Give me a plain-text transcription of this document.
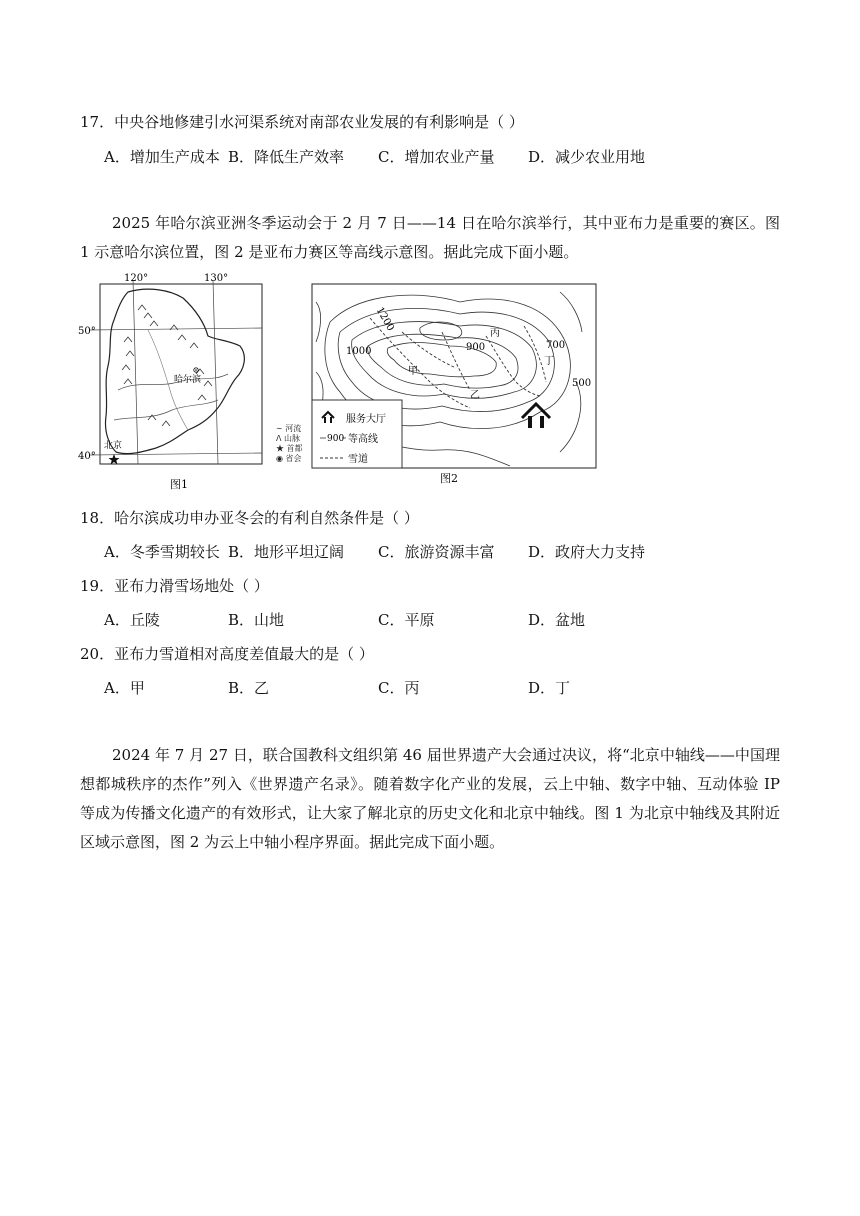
17．中央谷地修建引水河渠系统对南部农业发展的有利影响是（ ）
A．增加生产成本 B．降低生产效率 C．增加农业产量 D．减少农业用地
2025 年哈尔滨亚洲冬季运动会于 2 月 7 日——14 日在哈尔滨举行，其中亚布力是重要的赛区。图 1 示意哈尔滨位置，图 2 是亚布力赛区等高线示意图。据此完成下面小题。
哈尔滨
北京
120°	130°
50°
40°
图1
∼ 河流
ᐱ 山脉
★ 首都
◉ 省会
1200
1000	900	700
500
甲
乙
丙
丁
服务大厅
900 等高线
雪道
图2
18．哈尔滨成功申办亚冬会的有利自然条件是（ ）
A．冬季雪期较长 B．地形平坦辽阔 C．旅游资源丰富 D．政府大力支持
19．亚布力滑雪场地处（ ）
A．丘陵	B．山地	C．平原	D．盆地
20．亚布力雪道相对高度差值最大的是（ ）
A．甲	B．乙	C．丙	D．丁
2024 年 7 月 27 日，联合国教科文组织第 46 届世界遗产大会通过决议，将“北京中轴线——中国理想都城秩序的杰作”列入《世界遗产名录》。随着数字化产业的发展，云上中轴、数字中轴、互动体验 IP 等成为传播文化遗产的有效形式，让大家了解北京的历史文化和北京中轴线。图 1 为北京中轴线及其附近区域示意图，图 2 为云上中轴小程序界面。据此完成下面小题。
